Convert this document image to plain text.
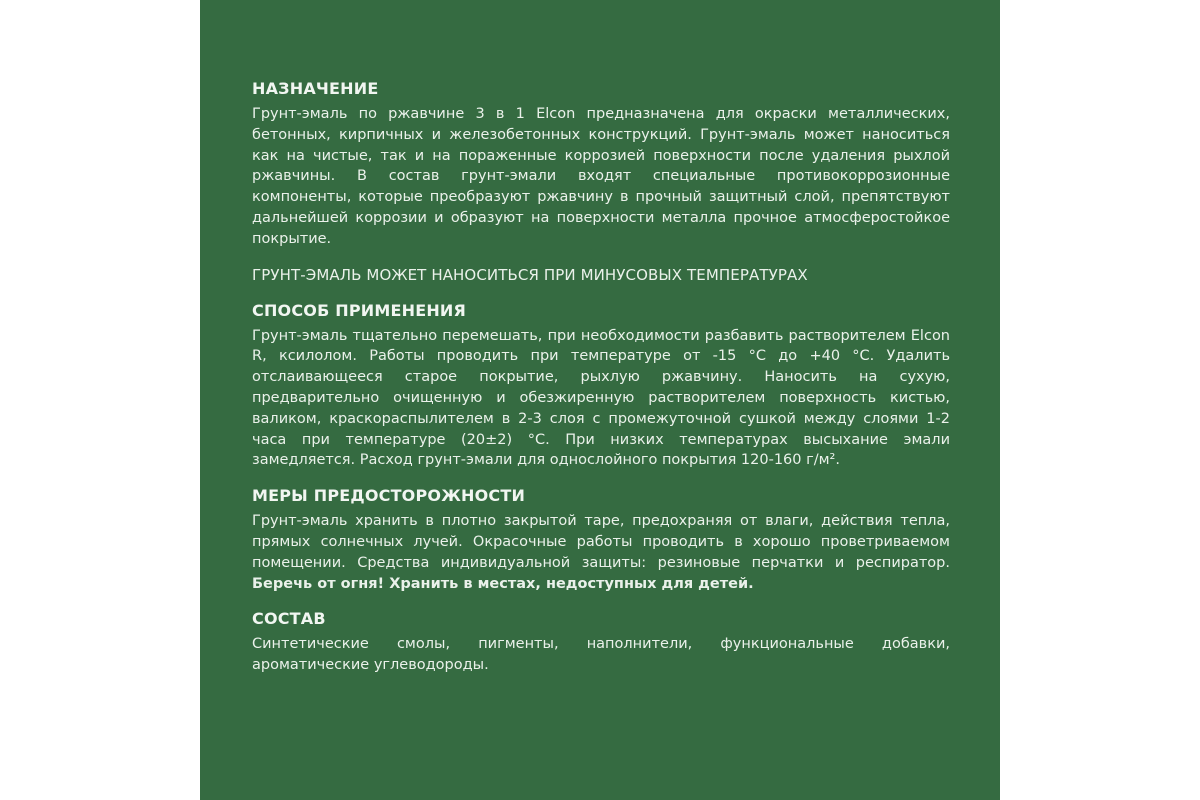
НАЗНАЧЕНИЕ

Грунт-эмаль по ржавчине 3 в 1 Elcon предназначена для окраски металлических, бетонных, кирпичных и железобетонных конструкций. Грунт-эмаль может наноситься как на чистые, так и на пораженные коррозией поверхности после удаления рыхлой ржавчины. В состав грунт-эмали входят специальные противокоррозионные компоненты, которые преобразуют ржавчину в прочный защитный слой, препятствуют дальнейшей коррозии и образуют на поверхности металла прочное атмосферостойкое покрытие.

ГРУНТ-ЭМАЛЬ МОЖЕТ НАНОСИТЬСЯ ПРИ МИНУСОВЫХ ТЕМПЕРАТУРАХ

СПОСОБ ПРИМЕНЕНИЯ

Грунт-эмаль тщательно перемешать, при необходимости разбавить растворителем Elcon R, ксилолом. Работы проводить при температуре от -15 °С до +40 °С. Удалить отслаивающееся старое покрытие, рыхлую ржавчину. Наносить на сухую, предварительно очищенную и обезжиренную растворителем поверхность кистью, валиком, краскораспылителем в 2-3 слоя с промежуточной сушкой между слоями 1-2 часа при температуре (20±2) °С. При низких температурах высыхание эмали замедляется. Расход грунт-эмали для однослойного покрытия 120-160 г/м².

МЕРЫ ПРЕДОСТОРОЖНОСТИ

Грунт-эмаль хранить в плотно закрытой таре, предохраняя от влаги, действия тепла, прямых солнечных лучей. Окрасочные работы проводить в хорошо проветриваемом помещении. Средства индивидуальной защиты: резиновые перчатки и респиратор. Беречь от огня! Хранить в местах, недоступных для детей.

СОСТАВ

Синтетические смолы, пигменты, наполнители, функциональные добавки, ароматические углеводороды.
